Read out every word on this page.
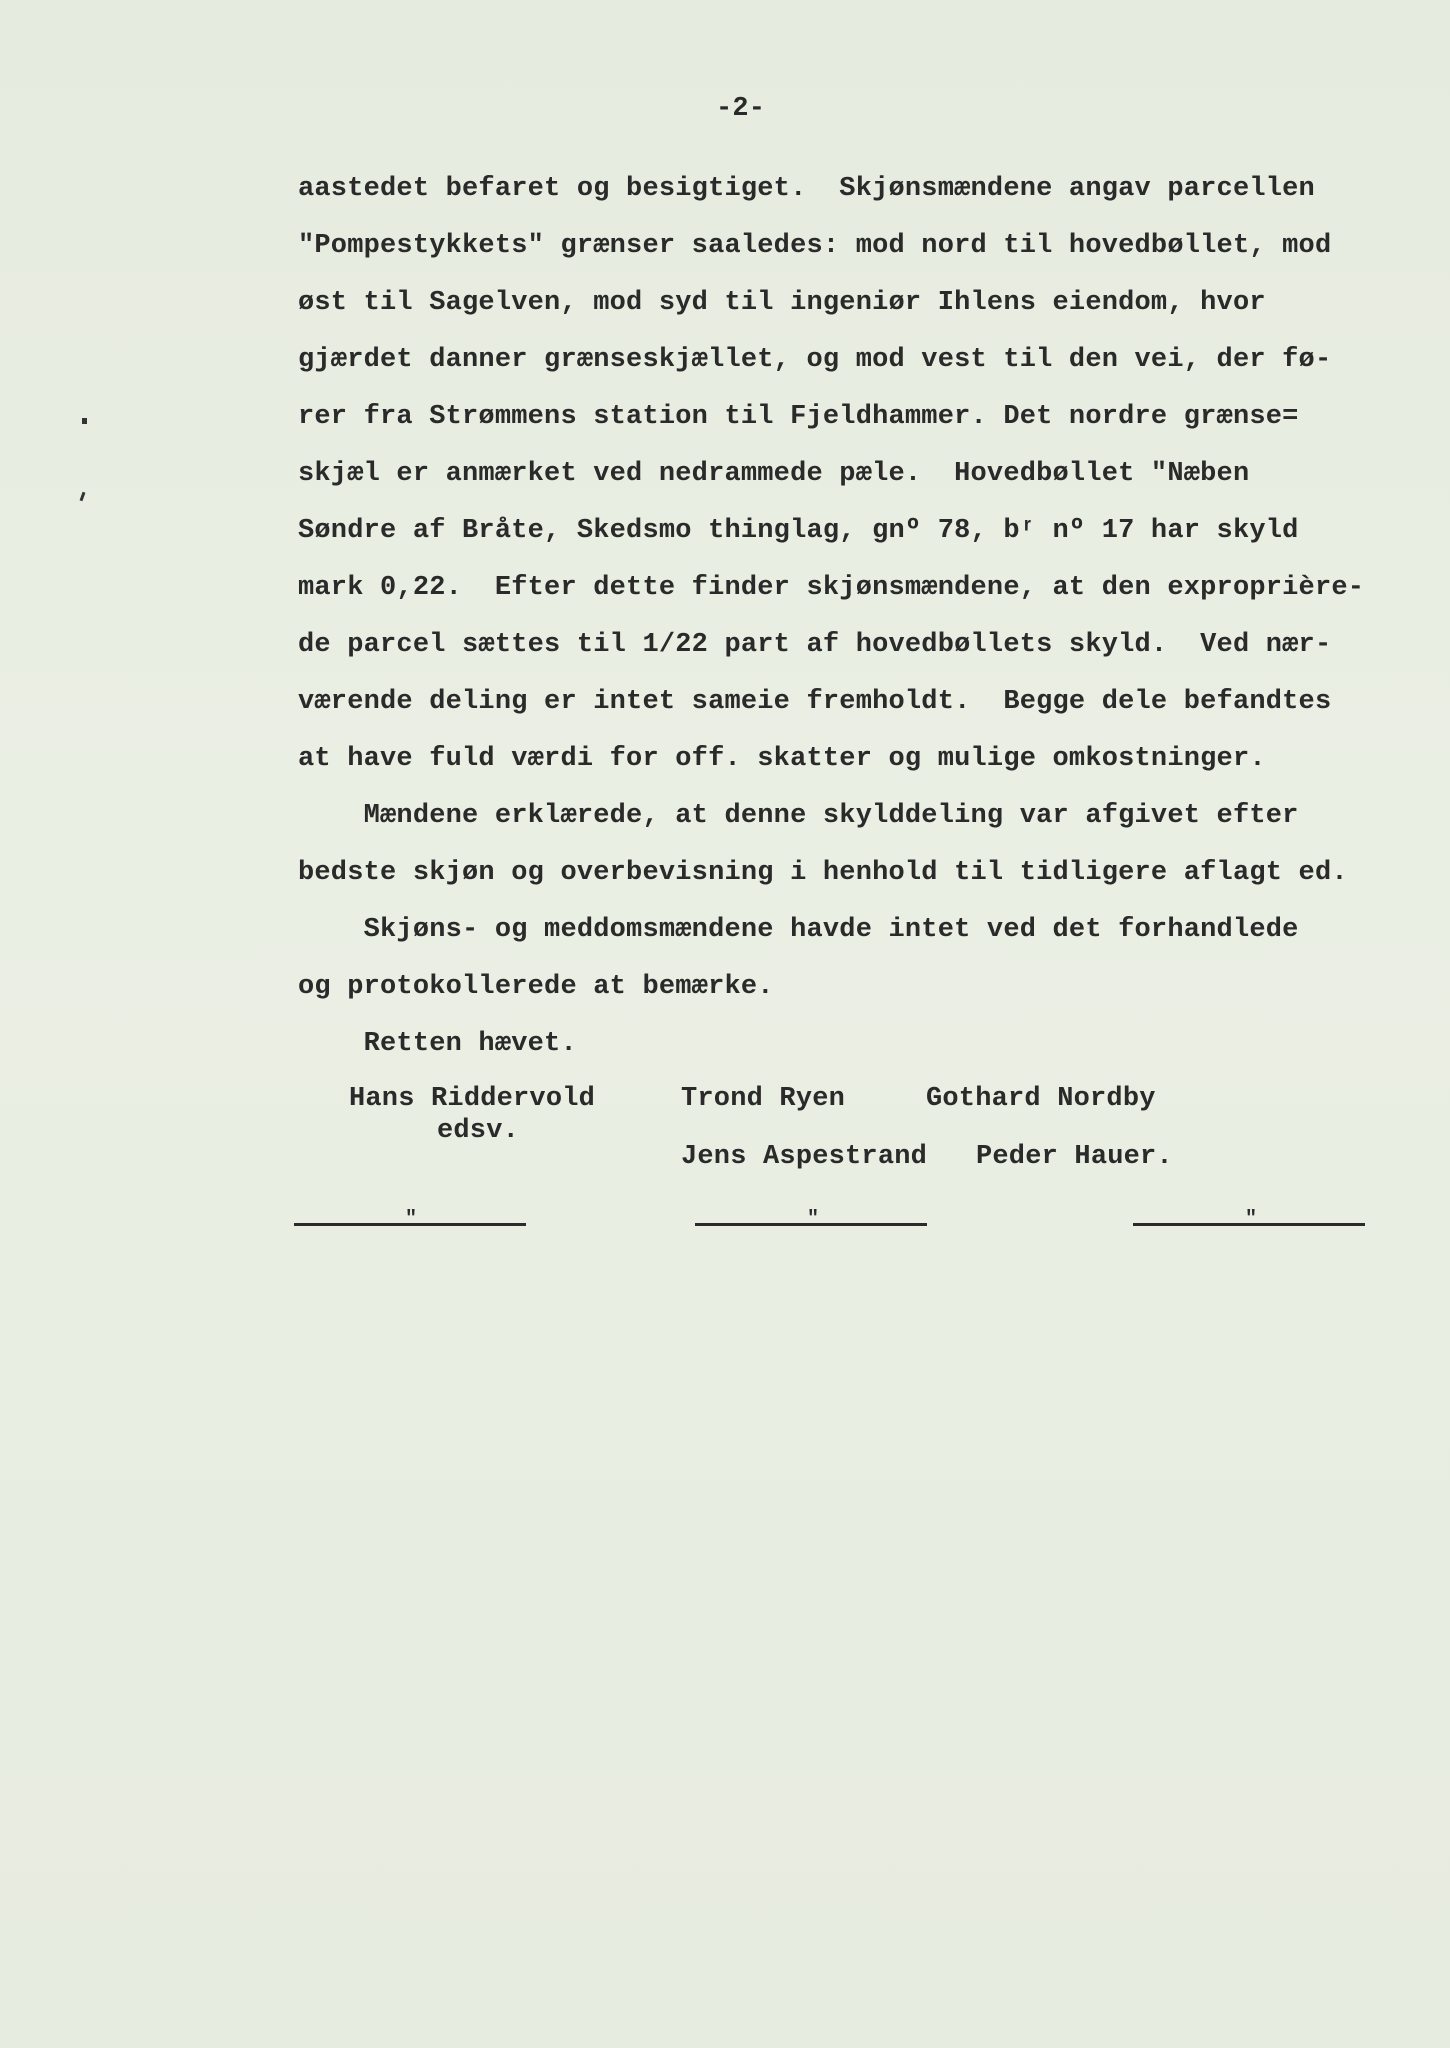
-2-
aastedet befaret og besigtiget.  Skjønsmændene angav parcellen
"Pompestykkets" grænser saaledes: mod nord til hovedbøllet, mod
øst til Sagelven, mod syd til ingeniør Ihlens eiendom, hvor
gjærdet danner grænseskjællet, og mod vest til den vei, der fø-
rer fra Strømmens station til Fjeldhammer. Det nordre grænse=
skjæl er anmærket ved nedrammede pæle.  Hovedbøllet "Næben
Søndre af Bråte, Skedsmo thinglag, gnº 78, bʳ nº 17 har skyld
mark 0,22.  Efter dette finder skjønsmændene, at den exproprière-
de parcel sættes til 1/22 part af hovedbøllets skyld.  Ved nær-
værende deling er intet sameie fremholdt.  Begge dele befandtes
at have fuld værdi for off. skatter og mulige omkostninger.
Mændene erklærede, at denne skylddeling var afgivet efter
bedste skjøn og overbevisning i henhold til tidligere aflagt ed.
Skjøns- og meddomsmændene havde intet ved det forhandlede
og protokollerede at bemærke.
Retten hævet.
Hans Riddervold	Trond Ryen	Gothard Nordby
edsv.
Jens Aspestrand Peder Hauer.
"	"	"
